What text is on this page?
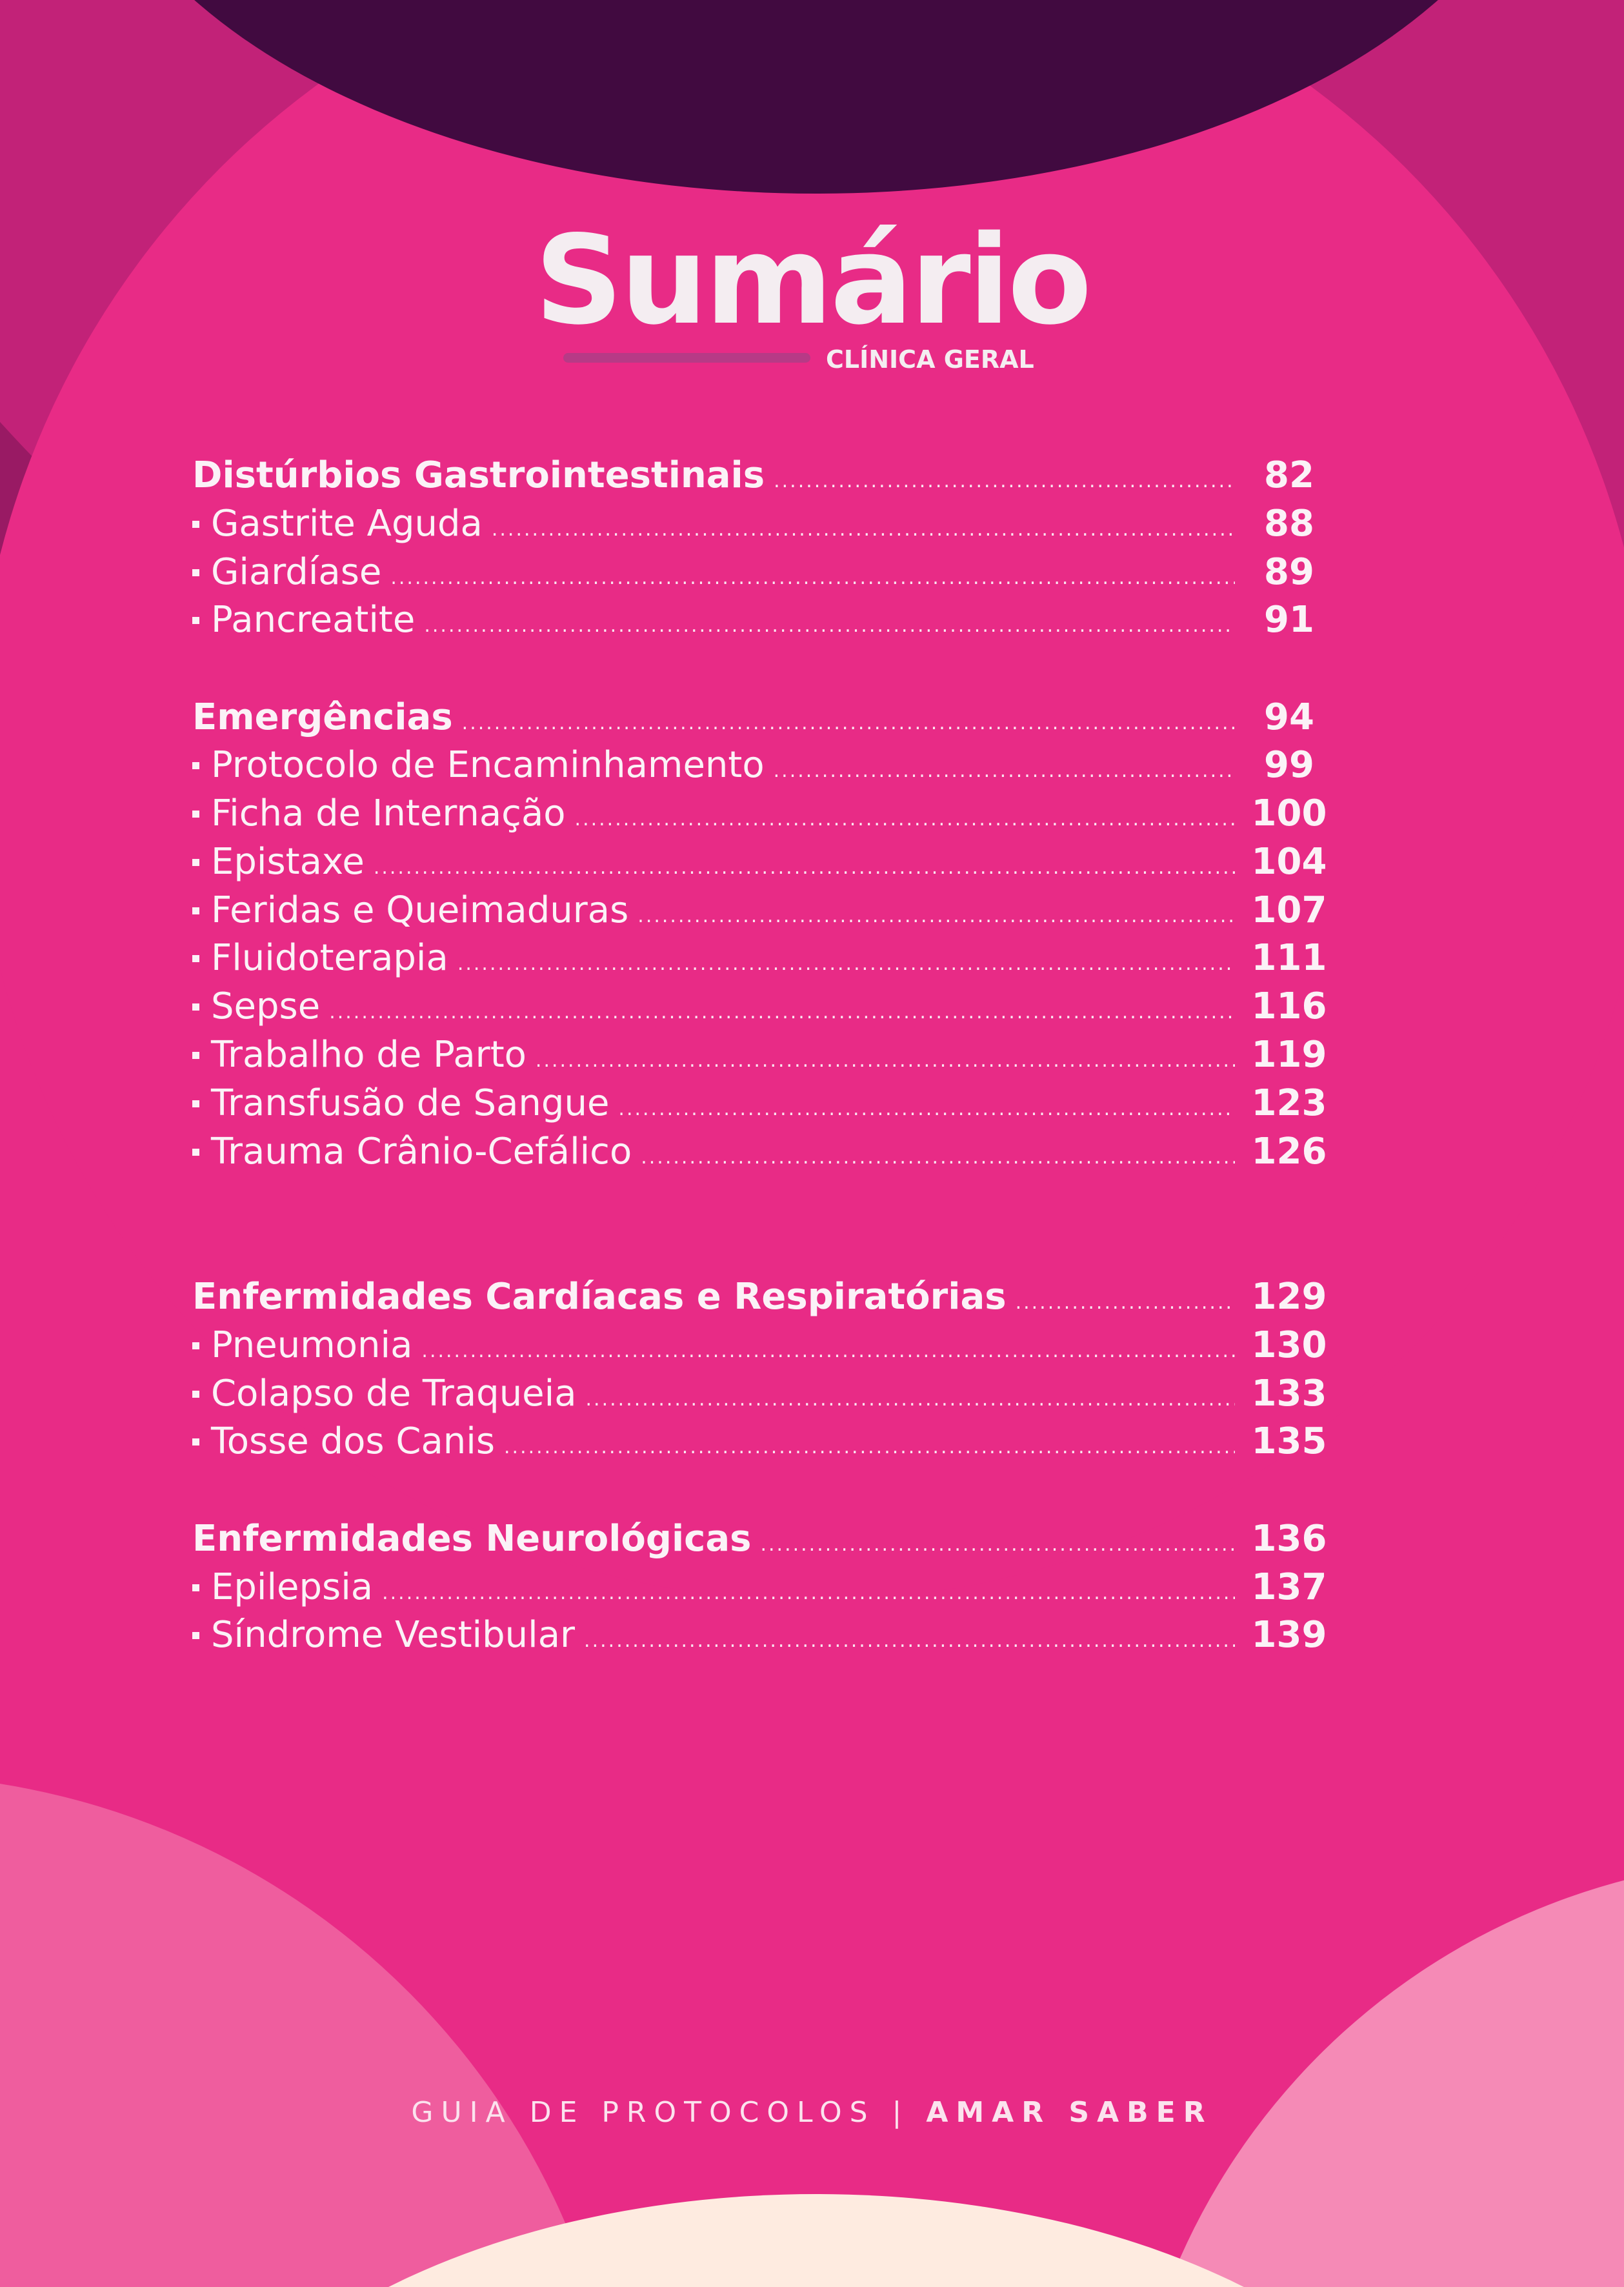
Sumário
CLÍNICA GERAL
Distúrbios Gastrointestinais .....	82
Gastrite Aguda .....	88
Giardíase .....	89
Pancreatite .....	91
Emergências .....	94
Protocolo de Encaminhamento .....	99
Ficha de Internação .....	100
Epistaxe .....	104
Feridas e Queimaduras .....	107
Fluidoterapia .....	111
Sepse .....	116
Trabalho de Parto .....	119
Transfusão de Sangue .....	123
Trauma Crânio-Cefálico .....	126
Enfermidades Cardíacas e Respiratórias .....	129
Pneumonia .....	130
Colapso de Traqueia .....	133
Tosse dos Canis .....	135
Enfermidades Neurológicas .....	136
Epilepsia .....	137
Síndrome Vestibular .....	139
GUIA DE PROTOCOLOS | AMAR SABER
